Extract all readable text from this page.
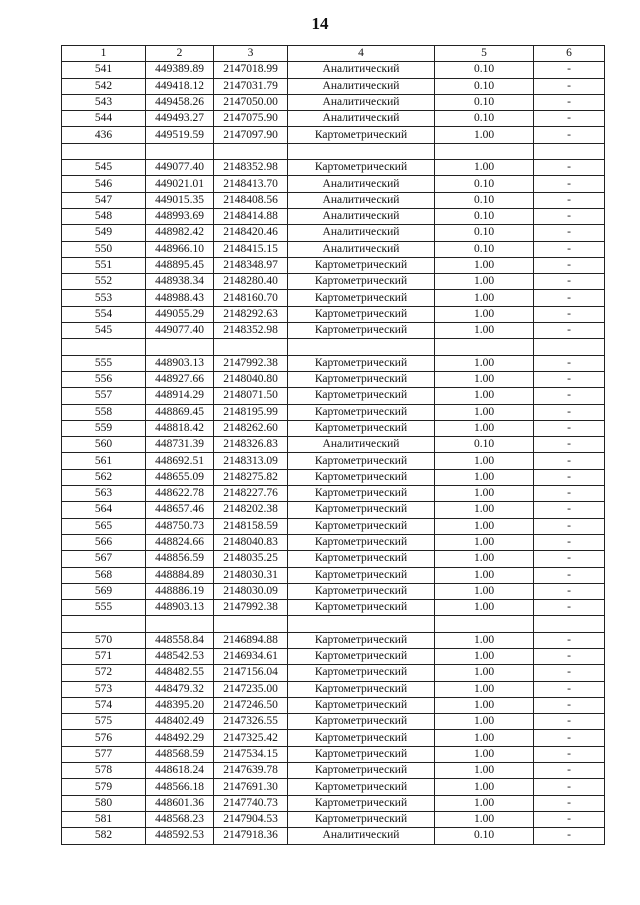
14
1	2	3	4	5	6
541	449389.89	2147018.99	Аналитический	0.10	-
542	449418.12	2147031.79	Аналитический	0.10	-
543	449458.26	2147050.00	Аналитический	0.10	-
544	449493.27	2147075.90	Аналитический	0.10	-
436	449519.59	2147097.90	Картометрический	1.00	-

545	449077.40	2148352.98	Картометрический	1.00	-
546	449021.01	2148413.70	Аналитический	0.10	-
547	449015.35	2148408.56	Аналитический	0.10	-
548	448993.69	2148414.88	Аналитический	0.10	-
549	448982.42	2148420.46	Аналитический	0.10	-
550	448966.10	2148415.15	Аналитический	0.10	-
551	448895.45	2148348.97	Картометрический	1.00	-
552	448938.34	2148280.40	Картометрический	1.00	-
553	448988.43	2148160.70	Картометрический	1.00	-
554	449055.29	2148292.63	Картометрический	1.00	-
545	449077.40	2148352.98	Картометрический	1.00	-

555	448903.13	2147992.38	Картометрический	1.00	-
556	448927.66	2148040.80	Картометрический	1.00	-
557	448914.29	2148071.50	Картометрический	1.00	-
558	448869.45	2148195.99	Картометрический	1.00	-
559	448818.42	2148262.60	Картометрический	1.00	-
560	448731.39	2148326.83	Аналитический	0.10	-
561	448692.51	2148313.09	Картометрический	1.00	-
562	448655.09	2148275.82	Картометрический	1.00	-
563	448622.78	2148227.76	Картометрический	1.00	-
564	448657.46	2148202.38	Картометрический	1.00	-
565	448750.73	2148158.59	Картометрический	1.00	-
566	448824.66	2148040.83	Картометрический	1.00	-
567	448856.59	2148035.25	Картометрический	1.00	-
568	448884.89	2148030.31	Картометрический	1.00	-
569	448886.19	2148030.09	Картометрический	1.00	-
555	448903.13	2147992.38	Картометрический	1.00	-

570	448558.84	2146894.88	Картометрический	1.00	-
571	448542.53	2146934.61	Картометрический	1.00	-
572	448482.55	2147156.04	Картометрический	1.00	-
573	448479.32	2147235.00	Картометрический	1.00	-
574	448395.20	2147246.50	Картометрический	1.00	-
575	448402.49	2147326.55	Картометрический	1.00	-
576	448492.29	2147325.42	Картометрический	1.00	-
577	448568.59	2147534.15	Картометрический	1.00	-
578	448618.24	2147639.78	Картометрический	1.00	-
579	448566.18	2147691.30	Картометрический	1.00	-
580	448601.36	2147740.73	Картометрический	1.00	-
581	448568.23	2147904.53	Картометрический	1.00	-
582	448592.53	2147918.36	Аналитический	0.10	-
